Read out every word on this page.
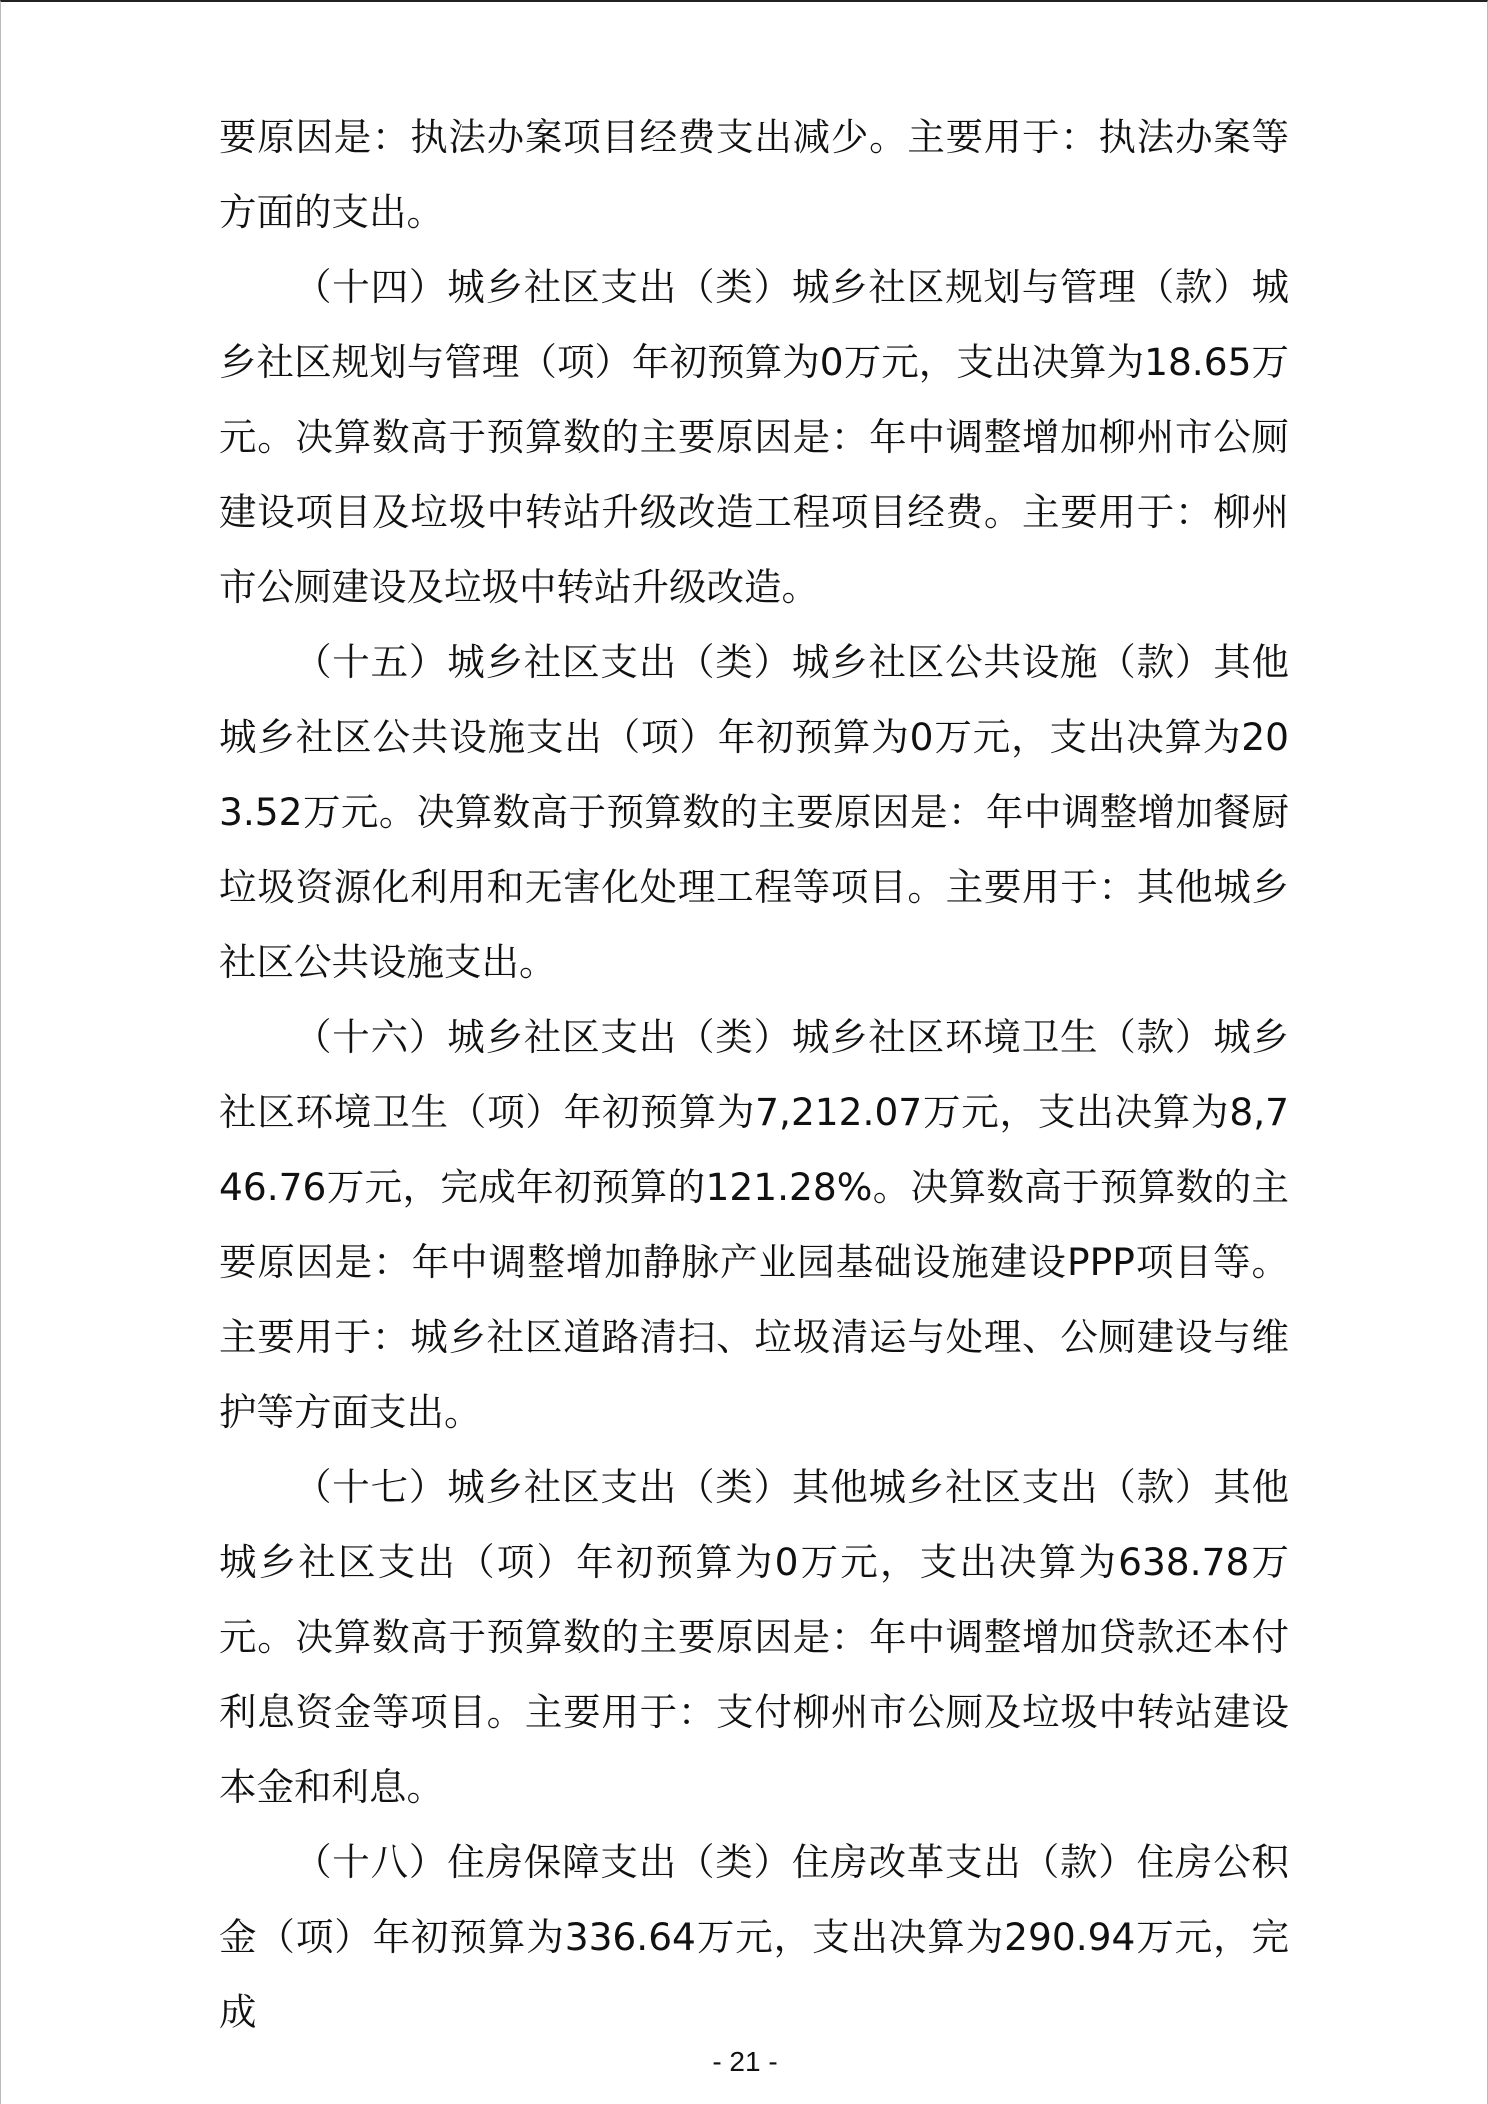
要原因是：执法办案项目经费支出减少。主要用于：执法办案等方面的支出。

（十四）城乡社区支出（类）城乡社区规划与管理（款）城乡社区规划与管理（项）年初预算为0万元，支出决算为18.65万元。决算数高于预算数的主要原因是：年中调整增加柳州市公厕建设项目及垃圾中转站升级改造工程项目经费。主要用于：柳州市公厕建设及垃圾中转站升级改造。

（十五）城乡社区支出（类）城乡社区公共设施（款）其他城乡社区公共设施支出（项）年初预算为0万元，支出决算为203.52万元。决算数高于预算数的主要原因是：年中调整增加餐厨垃圾资源化利用和无害化处理工程等项目。主要用于：其他城乡社区公共设施支出。

（十六）城乡社区支出（类）城乡社区环境卫生（款）城乡社区环境卫生（项）年初预算为7,212.07万元，支出决算为8,746.76万元，完成年初预算的121.28%。决算数高于预算数的主要原因是：年中调整增加静脉产业园基础设施建设PPP项目等。主要用于：城乡社区道路清扫、垃圾清运与处理、公厕建设与维护等方面支出。

（十七）城乡社区支出（类）其他城乡社区支出（款）其他城乡社区支出（项）年初预算为0万元，支出决算为638.78万元。决算数高于预算数的主要原因是：年中调整增加贷款还本付利息资金等项目。主要用于：支付柳州市公厕及垃圾中转站建设本金和利息。

（十八）住房保障支出（类）住房改革支出（款）住房公积金（项）年初预算为336.64万元，支出决算为290.94万元，完成

- 21 -
